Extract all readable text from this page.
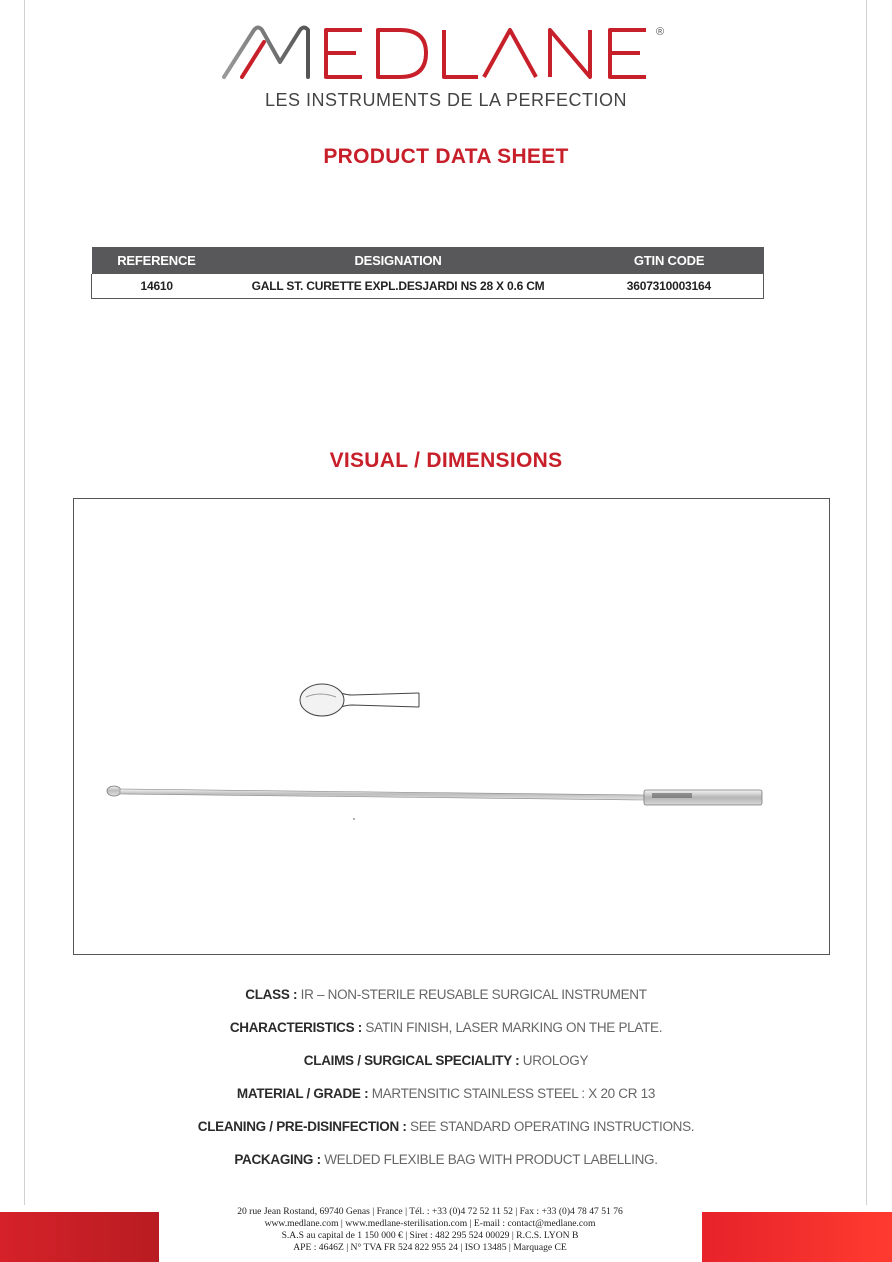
®
LES INSTRUMENTS DE LA PERFECTION
PRODUCT DATA SHEET
REFERENCE	DESIGNATION	GTIN CODE
14610	GALL ST. CURETTE EXPL.DESJARDI NS 28 X 0.6 CM	3607310003164
VISUAL / DIMENSIONS
CLASS : IR – NON-STERILE REUSABLE SURGICAL INSTRUMENT
CHARACTERISTICS : SATIN FINISH, LASER MARKING ON THE PLATE.
CLAIMS / SURGICAL SPECIALITY : UROLOGY
MATERIAL / GRADE : MARTENSITIC STAINLESS STEEL : X 20 CR 13
CLEANING / PRE-DISINFECTION : SEE STANDARD OPERATING INSTRUCTIONS.
PACKAGING : WELDED FLEXIBLE BAG WITH PRODUCT LABELLING.
20 rue Jean Rostand, 69740 Genas | France | Tél. : +33 (0)4 72 52 11 52 | Fax : +33 (0)4 78 47 51 76
www.medlane.com | www.medlane-sterilisation.com | E-mail : contact@medlane.com
S.A.S au capital de 1 150 000 € | Siret : 482 295 524 00029 | R.C.S. LYON B
APE : 4646Z | N° TVA FR 524 822 955 24 | ISO 13485 | Marquage CE
